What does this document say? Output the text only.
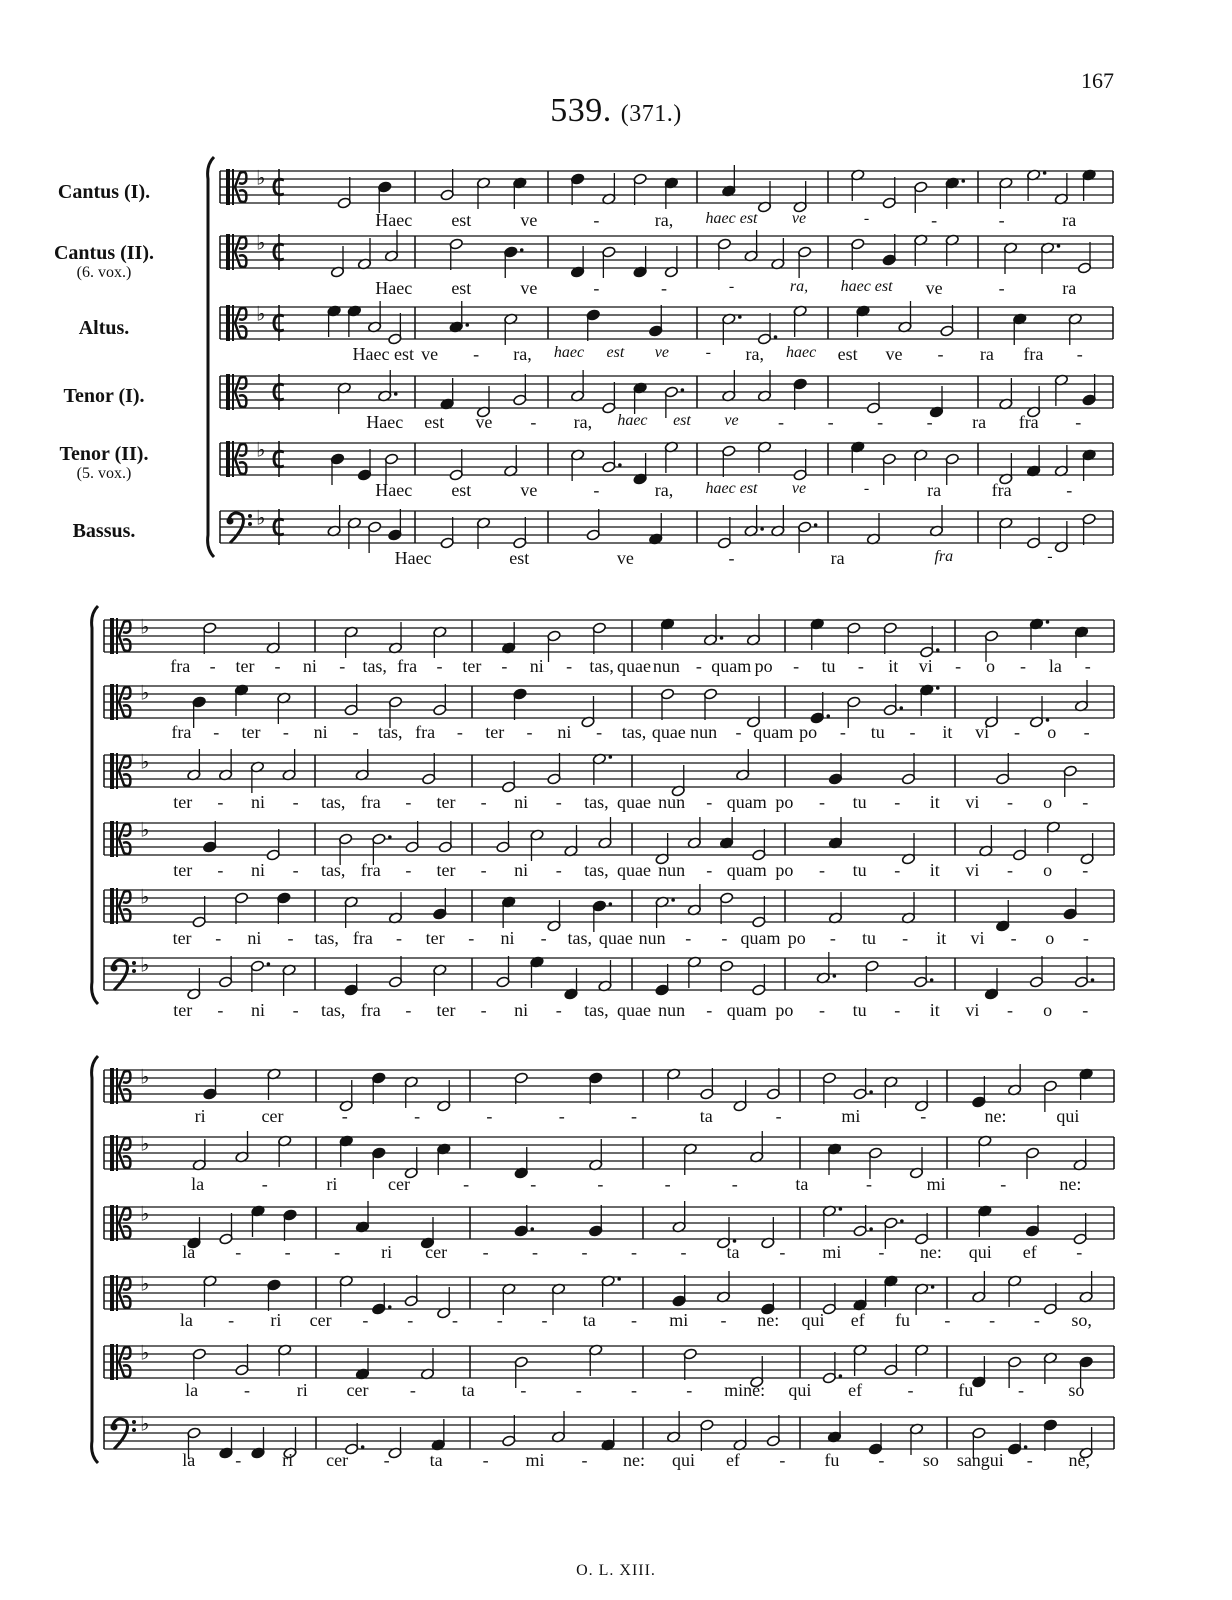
167
539. (371.)
Cantus (I).
Cantus (II).
(6. vox.)
Altus.
Tenor (I).
Tenor (II).
(5. vox.)
Bassus.
♭
♭
♭
♭
♭
♭
♭
♭
♭
♭
♭
♭
♭
♭
♭
♭
♭
Haec est	ve	-	ra, haec est ve	-	-	-	ra
Haec est	ve	-	-	-	ra, haec est ve	-	ra
Haec est ve - ra, haec est ve - ra, haec est ve - ra fra -
Haec est ve - ra, haec est ve - - - - ra fra -
Haec est	ve	-	ra, haec est ve	-	ra	fra	-
Haec	est	ve	-	ra	fra	-
fra - ter - ni - tas, fra - ter - ni - tas, quae nun - quam po - tu - it vi - o - la -
fra - ter - ni - tas, fra - ter - ni - tas, quae nun - quam po - tu - it vi - o -
ter - ni - tas, fra - ter - ni - tas, quae nun - quam po - tu - it vi - o -
ter - ni - tas, fra - ter - ni - tas, quae nun - quam po - tu - it vi - o -
ter - ni - tas, fra - ter - ni - tas, quae nun - - quam po - tu - it vi - o -
ter - ni - tas, fra - ter - ni - tas, quae nun - quam po - tu - it vi - o -
ri	cer	-	-	-	-	-	ta	-	mi	-	ne:	qui
la	-	ri	cer	-	-	-	-	-	ta	-	mi	-	ne:
la - - - ri cer - - - - - ta - mi - ne: qui ef -
la - ri cer - - - - - ta - mi - ne: qui ef fu - - - so,
la	-	ri cer -	ta	-	-	-	- mine: qui ef	- fu - so
la - ri cer - ta - mi - ne: qui ef - fu - so sangui - ne,
O. L. XIII.
